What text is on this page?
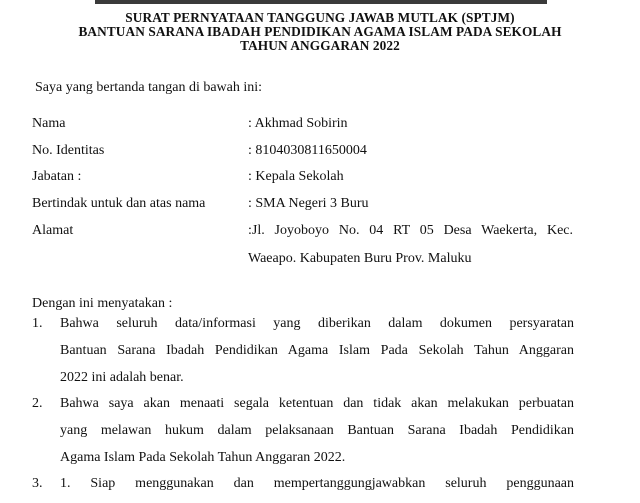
SURAT PERNYATAAN TANGGUNG JAWAB MUTLAK (SPTJM)
BANTUAN SARANA IBADAH PENDIDIKAN AGAMA ISLAM PADA SEKOLAH
TAHUN ANGGARAN 2022
Saya yang bertanda tangan di bawah ini:
Nama	: Akhmad Sobirin
No. Identitas	: 8104030811650004
Jabatan :	: Kepala Sekolah
Bertindak untuk dan atas nama	: SMA Negeri 3 Buru
Alamat	:Jl. Joyoboyo No. 04 RT 05 Desa Waekerta, Kec.
Waeapo. Kabupaten Buru Prov. Maluku
Dengan ini menyatakan :
1. Bahwa seluruh data/informasi yang diberikan dalam dokumen persyaratan
Bantuan Sarana Ibadah Pendidikan Agama Islam Pada Sekolah Tahun Anggaran
2022 ini adalah benar.
2. Bahwa saya akan menaati segala ketentuan dan tidak akan melakukan perbuatan
yang melawan hukum dalam pelaksanaan Bantuan Sarana Ibadah Pendidikan
Agama Islam Pada Sekolah Tahun Anggaran 2022.
3. 1. Siap menggunakan dan mempertanggungjawabkan seluruh penggunaan
